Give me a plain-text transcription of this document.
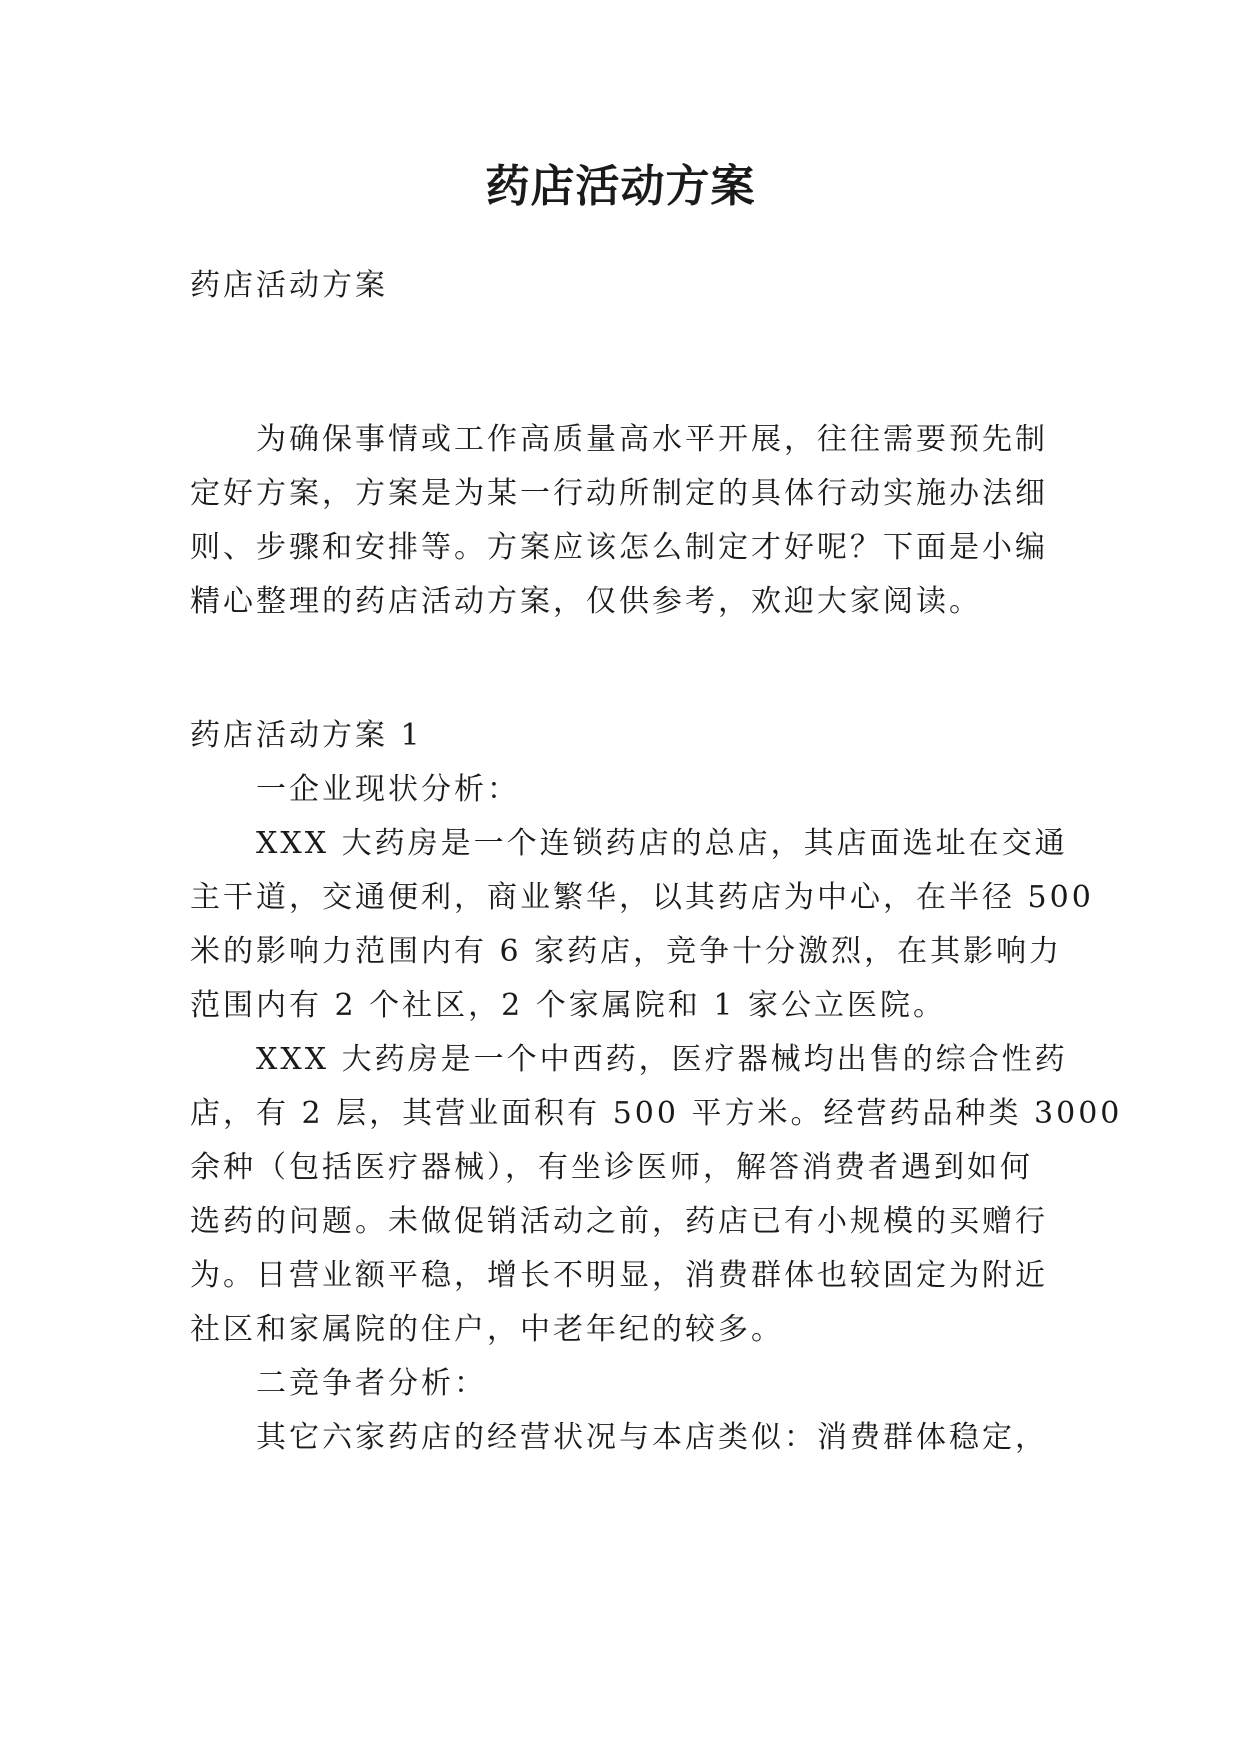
药店活动方案
药店活动方案
为确保事情或工作高质量高水平开展，往往需要预先制
定好方案，方案是为某一行动所制定的具体行动实施办法细
则、步骤和安排等。方案应该怎么制定才好呢？下面是小编
精心整理的药店活动方案，仅供参考，欢迎大家阅读。
药店活动方案 1
一企业现状分析：
XXX 大药房是一个连锁药店的总店，其店面选址在交通
主干道，交通便利，商业繁华，以其药店为中心，在半径 500
米的影响力范围内有 6 家药店，竞争十分激烈，在其影响力
范围内有 2 个社区，2 个家属院和 1 家公立医院。
XXX 大药房是一个中西药，医疗器械均出售的综合性药
店，有 2 层，其营业面积有 500 平方米。经营药品种类 3000
余种（包括医疗器械），有坐诊医师，解答消费者遇到如何
选药的问题。未做促销活动之前，药店已有小规模的买赠行
为。日营业额平稳，增长不明显，消费群体也较固定为附近
社区和家属院的住户，中老年纪的较多。
二竞争者分析：
其它六家药店的经营状况与本店类似：消费群体稳定，
